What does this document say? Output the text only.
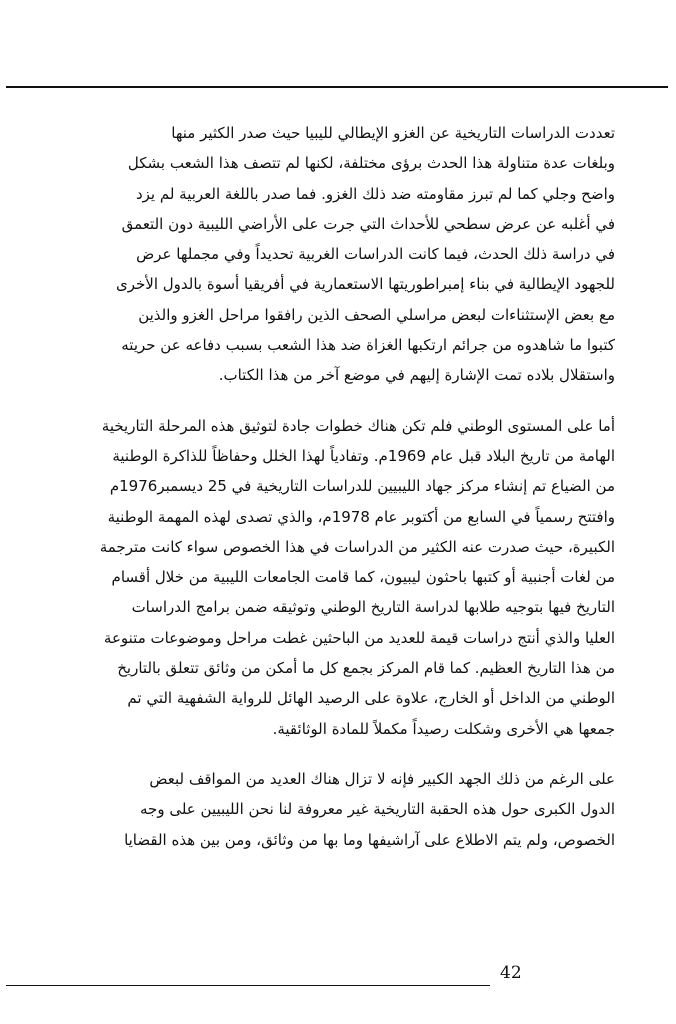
تعددت الدراسات التاريخية عن الغزو الإيطالي لليبيا حيث صدر الكثير منها
وبلغات عدة متناولة هذا الحدث برؤى مختلفة، لكنها لم تتصف هذا الشعب بشكل
واضح وجلي كما لم تبرز مقاومته ضد ذلك الغزو. فما صدر باللغة العربية لم يزد
في أغلبه عن عرض سطحي للأحداث التي جرت على الأراضي الليبية دون التعمق
في دراسة ذلك الحدث، فيما كانت الدراسات الغربية تحديداً وفي مجملها عرض
للجهود الإيطالية في بناء إمبراطوريتها الاستعمارية في أفريقيا أسوة بالدول الأخرى
مع بعض الإستثناءات لبعض مراسلي الصحف الذين رافقوا مراحل الغزو والذين
كتبوا ما شاهدوه من جرائم ارتكبها الغزاة ضد هذا الشعب بسبب دفاعه عن حريته
واستقلال بلاده تمت الإشارة إليهم في موضع آخر من هذا الكتاب.

أما على المستوى الوطني فلم تكن هناك خطوات جادة لتوثيق هذه المرحلة التاريخية
الهامة من تاريخ البلاد قبل عام 1969م. وتفادياً لهذا الخلل وحفاظاً للذاكرة الوطنية
من الضياع تم إنشاء مركز جهاد الليبيين للدراسات التاريخية في 25 ديسمبر1976م
وافتتح رسمياً في السابع من أكتوبر عام 1978م، والذي تصدى لهذه المهمة الوطنية
الكبيرة، حيث صدرت عنه الكثير من الدراسات في هذا الخصوص سواء كانت مترجمة
من لغات أجنبية أو كتبها باحثون ليبيون، كما قامت الجامعات الليبية من خلال أقسام
التاريخ فيها بتوجيه طلابها لدراسة التاريخ الوطني وتوثيقه ضمن برامج الدراسات
العليا والذي أنتج دراسات قيمة للعديد من الباحثين غطت مراحل وموضوعات متنوعة
من هذا التاريخ العظيم. كما قام المركز بجمع كل ما أمكن من وثائق تتعلق بالتاريخ
الوطني من الداخل أو الخارج، علاوة على الرصيد الهائل للرواية الشفهية التي تم
جمعها هي الأخرى وشكلت رصيداً مكملاً للمادة الوثائقية.

على الرغم من ذلك الجهد الكبير فإنه لا تزال هناك العديد من المواقف لبعض
الدول الكبرى حول هذه الحقبة التاريخية غير معروفة لنا نحن الليبيين على وجه
الخصوص، ولم يتم الاطلاع على آراشيفها وما بها من وثائق، ومن بين هذه القضايا

42
